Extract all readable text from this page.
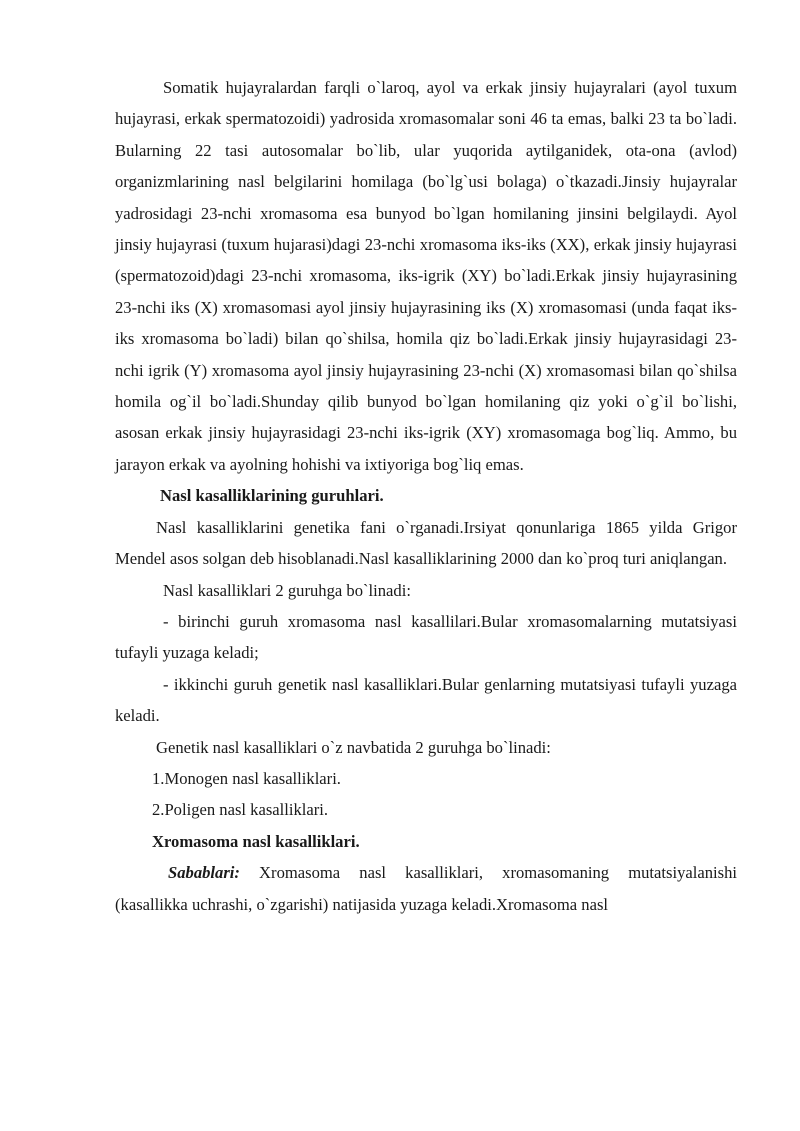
Somatik hujayralardan farqli o`laroq, ayol va erkak jinsiy hujayralari (ayol tuxum hujayrasi, erkak spermatozoidi) yadrosida xromasomalar soni 46 ta emas, balki 23 ta bo`ladi. Bularning 22 tasi autosomalar bo`lib, ular yuqorida aytilganidek, ota-ona (avlod) organizmlarining nasl belgilarini homilaga (bo`lg`usi bolaga) o`tkazadi.Jinsiy hujayralar yadrosidagi 23-nchi xromasoma esa bunyod bo`lgan homilaning jinsini belgilaydi. Ayol jinsiy hujayrasi (tuxum hujarasi)dagi 23-nchi xromasoma iks-iks (XX), erkak jinsiy hujayrasi (spermatozoid)dagi 23-nchi xromasoma, iks-igrik (XY) bo`ladi.Erkak jinsiy hujayrasining 23-nchi iks (X) xromasomasi ayol jinsiy hujayrasining iks (X) xromasomasi (unda faqat iks-iks xromasoma bo`ladi) bilan qo`shilsa, homila qiz bo`ladi.Erkak jinsiy hujayrasidagi 23-nchi igrik (Y) xromasoma ayol jinsiy hujayrasining 23-nchi (X) xromasomasi bilan qo`shilsa homila og`il bo`ladi.Shunday qilib bunyod bo`lgan homilaning qiz yoki o`g`il bo`lishi, asosan erkak jinsiy hujayrasidagi 23-nchi iks-igrik (XY) xromasomaga bog`liq. Ammo, bu jarayon erkak va ayolning hohishi va ixtiyoriga bog`liq emas.

Nasl kasalliklarining guruhlari.

Nasl kasalliklarini genetika fani o`rganadi.Irsiyat qonunlariga 1865 yilda Grigor Mendel asos solgan deb hisoblanadi.Nasl kasalliklarining 2000 dan ko`proq turi aniqlangan.

Nasl kasalliklari 2 guruhga bo`linadi:

- birinchi guruh xromasoma nasl kasallilari.Bular xromasomalarning mutatsiyasi tufayli yuzaga keladi;

- ikkinchi guruh genetik nasl kasalliklari.Bular genlarning mutatsiyasi tufayli yuzaga keladi.

Genetik nasl kasalliklari o`z navbatida 2 guruhga bo`linadi:

1.Monogen nasl kasalliklari.

2.Poligen nasl kasalliklari.

Xromasoma nasl kasalliklari.

Sabablari: Xromasoma nasl kasalliklari, xromasomaning mutatsiyalanishi (kasallikka uchrashi, o`zgarishi) natijasida yuzaga keladi.Xromasoma nasl
